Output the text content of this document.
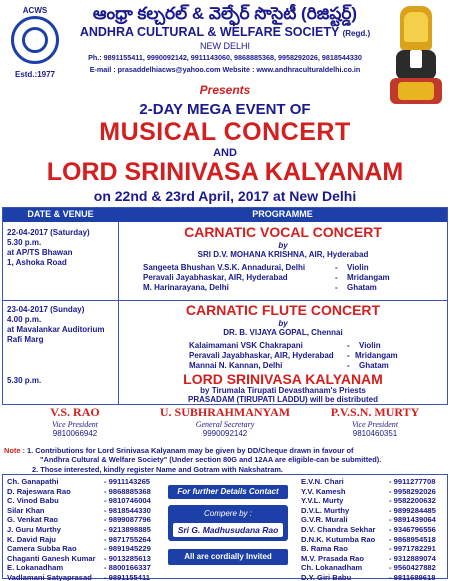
ACWS
Estd.:1977
ఆంధ్రా కల్చరల్ & వెల్ఫేర్ సొసైటీ (రిజిష్టర్డ్)
ANDHRA CULTURAL & WELFARE SOCIETY (Regd.)
NEW DELHI
Ph.: 9891155411, 9990092142, 9911143060, 9868885368, 9958292026, 9818544330
E-mail : prasaddelhiacws@yahoo.com Website : www.andhraculturaldelhi.co.in
Presents
2-DAY MEGA EVENT OF
MUSICAL CONCERT
AND
LORD SRINIVASA KALYANAM
on 22nd & 23rd April, 2017 at New Delhi
DATE & VENUE	PROGRAMME
22-04-2017 (Saturday)
5.30 p.m.
at AP/TS Bhawan
1, Ashoka Road
CARNATIC VOCAL CONCERT
by
SRI D.V. MOHANA KRISHNA, AIR, Hyderabad
Sangeeta Bhushan V.S.K. Annadurai, Delhi	- Violin
Peravali Jayabhaskar, AIR, Hyderabad	- Mridangam
M. Harinarayana, Delhi	- Ghatam
23-04-2017 (Sunday)
4.00 p.m.
at Mavalankar Auditorium
Rafi Marg
CARNATIC FLUTE CONCERT
by
DR. B. VIJAYA GOPAL, Chennai
Kalaimamani VSK Chakrapani	- Violin
Peravali Jayabhaskar, AIR, Hyderabad - Mridangam
Mannai N. Kannan, Delhi	- Ghatam
5.30 p.m.	LORD SRINIVASA KALYANAM
by Tirumala Tirupati Devasthanam's Priests
PRASADAM (TIRUPATI LADDU) will be distributed
V.S. RAO
Vice President
9810066942
U. SUBHRAHMANYAM
General Secretary
9990092142
P.V.S.N. MURTY
Vice President
9810460351
Note : 1. Contributions for Lord Srinivasa Kalyanam may be given by DD/Cheque drawn in favour of
"Andhra Cultural & Welfare Society" (Under section 80G and 12AA are eligible-can be submitted).
2. Those interested, kindly register Name and Gotram with Nakshatram.
Ch. Ganapathi	- 9911143265
D. Rajeswara Rao	- 9868885368
C. Vinod Babu	- 9810746004
Silar Khan	- 9818544330
G. Venkat Rao	- 9899087796
J. Guru Murthy	- 9213898885
K. David Raju	- 9871755264
Camera Subba Rao	- 9891945229
Chaganti Ganesh Kumar - 9013285613
E. Lokanadham	- 8800166337
Vadlamani Satyaprasad - 9891155411
For further Details Contact
Compere by :
Sri G. Madhusudana Rao
All are cordially Invited
E.V.N. Chari	- 9911277708
Y.V. Kamesh	- 9958292026
Y.V.L. Murty	- 9582200632
D.V.L. Murthy	- 9899284485
G.V.R. Murali	- 9891439064
D.V. Chandra Sekhar - 9346796556
D.N.K. Kutumba Rao - 9868954518
B. Rama Rao	- 9971782291
M.V. Prasada Rao	- 9312889074
Ch. Lokanadham	- 9560427882
D.Y. Giri Babu	- 9811689618
